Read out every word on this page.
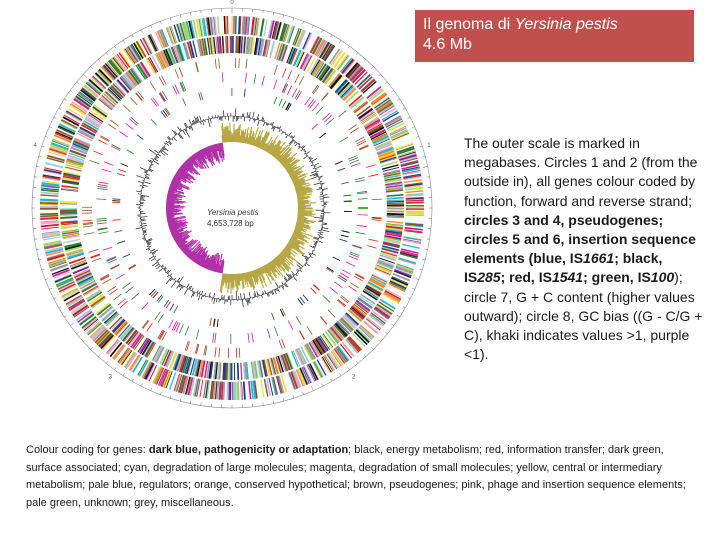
0
1
2
3
4
Yersinia pestis
4,653,728 bp
Il genoma di Yersinia pestis
4.6 Mb
The outer scale is marked in megabases. Circles 1 and 2 (from the outside in), all genes colour coded by function, forward and reverse strand; circles 3 and 4, pseudogenes; circles 5 and 6, insertion sequence elements (blue, IS1661; black, IS285; red, IS1541; green, IS100); circle 7, G + C content (higher values outward); circle 8, GC bias ((G - C/G + C), khaki indicates values >1, purple <1).
Colour coding for genes: dark blue, pathogenicity or adaptation; black, energy metabolism; red, information transfer; dark green, surface associated; cyan, degradation of large molecules; magenta, degradation of small molecules; yellow, central or intermediary metabolism; pale blue, regulators; orange, conserved hypothetical; brown, pseudogenes; pink, phage and insertion sequence elements; pale green, unknown; grey, miscellaneous.
